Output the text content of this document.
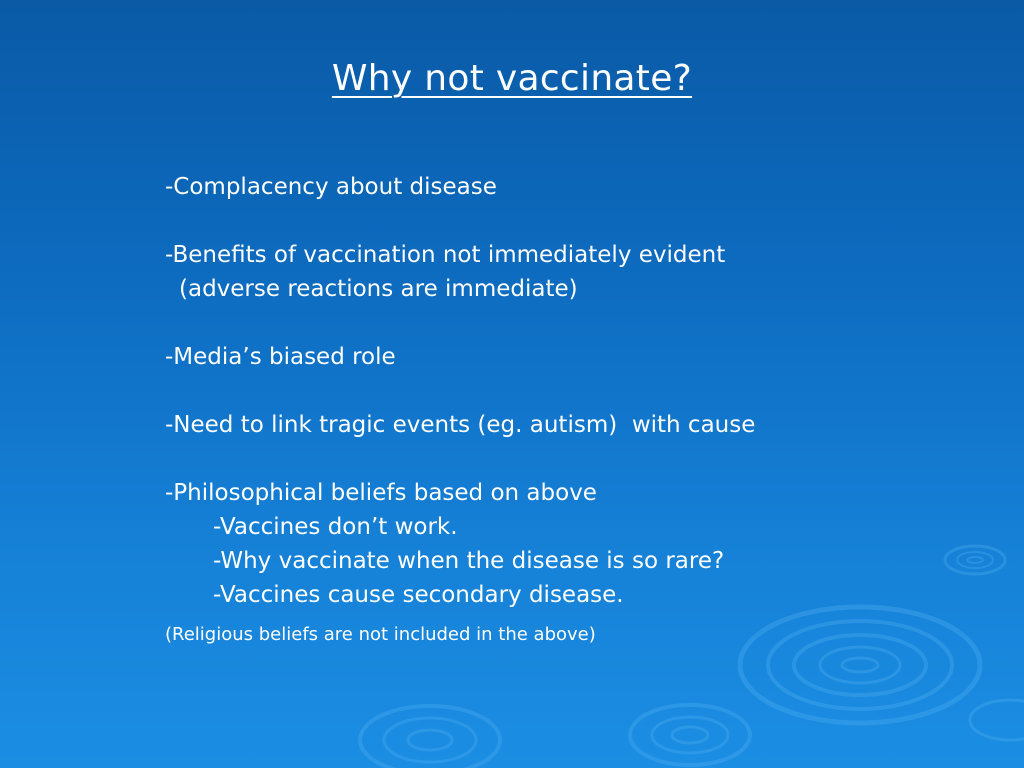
Why not vaccinate?
-Complacency about disease
-Benefits of vaccination not immediately evident
(adverse reactions are immediate)
-Media’s biased role
-Need to link tragic events (eg. autism)  with cause
-Philosophical beliefs based on above
-Vaccines don’t work.
-Why vaccinate when the disease is so rare?
-Vaccines cause secondary disease.
(Religious beliefs are not included in the above)
